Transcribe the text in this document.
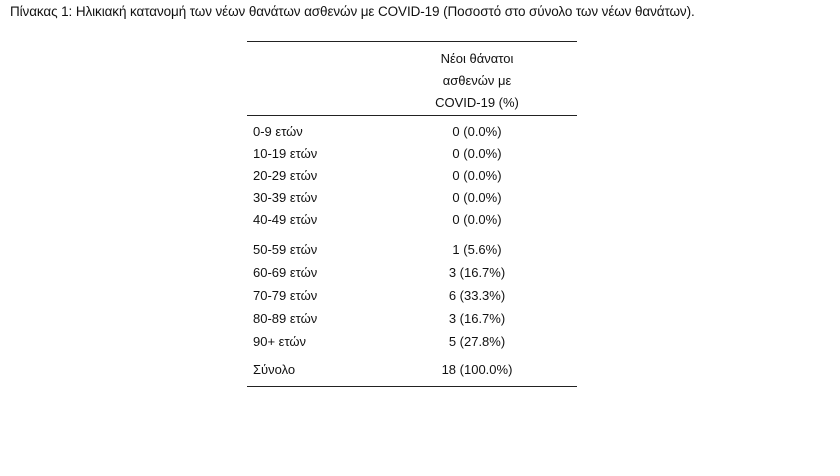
Πίνακας 1: Ηλικιακή κατανομή των νέων θανάτων ασθενών με COVID-19 (Ποσοστό στο σύνολο των νέων θανάτων).
Νέοι θάνατοι
ασθενών με
COVID-19 (%)
0-9 ετών	0 (0.0%)
10-19 ετών	0 (0.0%)
20-29 ετών	0 (0.0%)
30-39 ετών	0 (0.0%)
40-49 ετών	0 (0.0%)
50-59 ετών	1 (5.6%)
60-69 ετών	3 (16.7%)
70-79 ετών	6 (33.3%)
80-89 ετών	3 (16.7%)
90+ ετών	5 (27.8%)
Σύνολο	18 (100.0%)
